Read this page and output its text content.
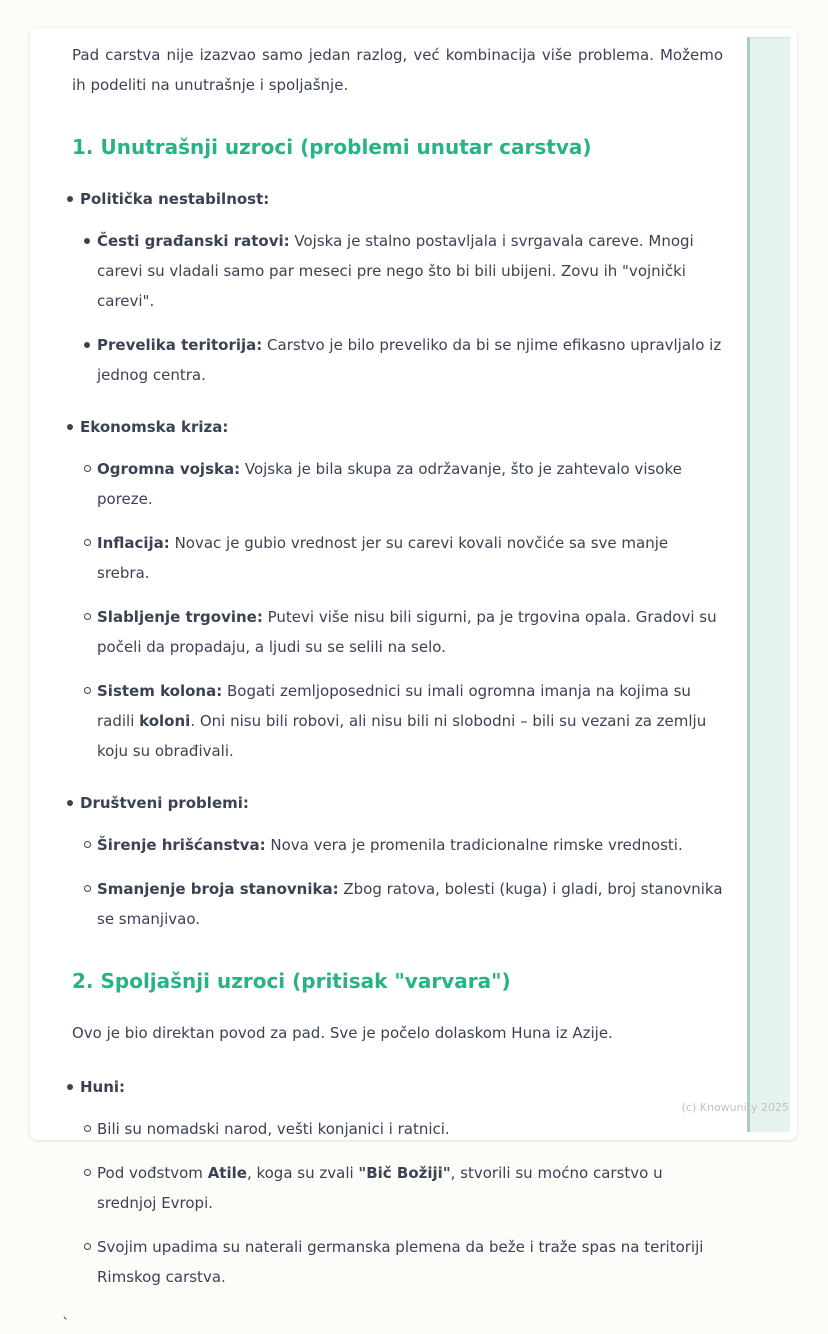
Pad carstva nije izazvao samo jedan razlog, već kombinacija više problema. Možemo ih podeliti na unutrašnje i spoljašnje.

1. Unutrašnji uzroci (problemi unutar carstva)
Politička nestabilnost:
Česti građanski ratovi: Vojska je stalno postavljala i svrgavala careve. Mnogi carevi su vladali samo par meseci pre nego što bi bili ubijeni. Zovu ih "vojnički carevi".
Prevelika teritorija: Carstvo je bilo preveliko da bi se njime efikasno upravljalo iz jednog centra.
Ekonomska kriza:
Ogromna vojska: Vojska je bila skupa za održavanje, što je zahtevalo visoke poreze.
Inflacija: Novac je gubio vrednost jer su carevi kovali novčiće sa sve manje srebra.
Slabljenje trgovine: Putevi više nisu bili sigurni, pa je trgovina opala. Gradovi su počeli da propadaju, a ljudi su se selili na selo.
Sistem kolona: Bogati zemljoposednici su imali ogromna imanja na kojima su radili koloni. Oni nisu bili robovi, ali nisu bili ni slobodni – bili su vezani za zemlju koju su obrađivali.
Društveni problemi:
Širenje hrišćanstva: Nova vera je promenila tradicionalne rimske vrednosti.
Smanjenje broja stanovnika: Zbog ratova, bolesti (kuga) i gladi, broj stanovnika se smanjivao.
2. Spoljašnji uzroci (pritisak "varvara")

Ovo je bio direktan povod za pad. Sve je počelo dolaskom Huna iz Azije.

Huni:
Bili su nomadski narod, vešti konjanici i ratnici.
Pod vođstvom Atile, koga su zvali "Bič Božiji", stvorili su moćno carstvo u srednjoj Evropi.
Svojim upadima su naterali germanska plemena da beže i traže spas na teritoriji Rimskog carstva.

`

(c) Knowunity 2025
